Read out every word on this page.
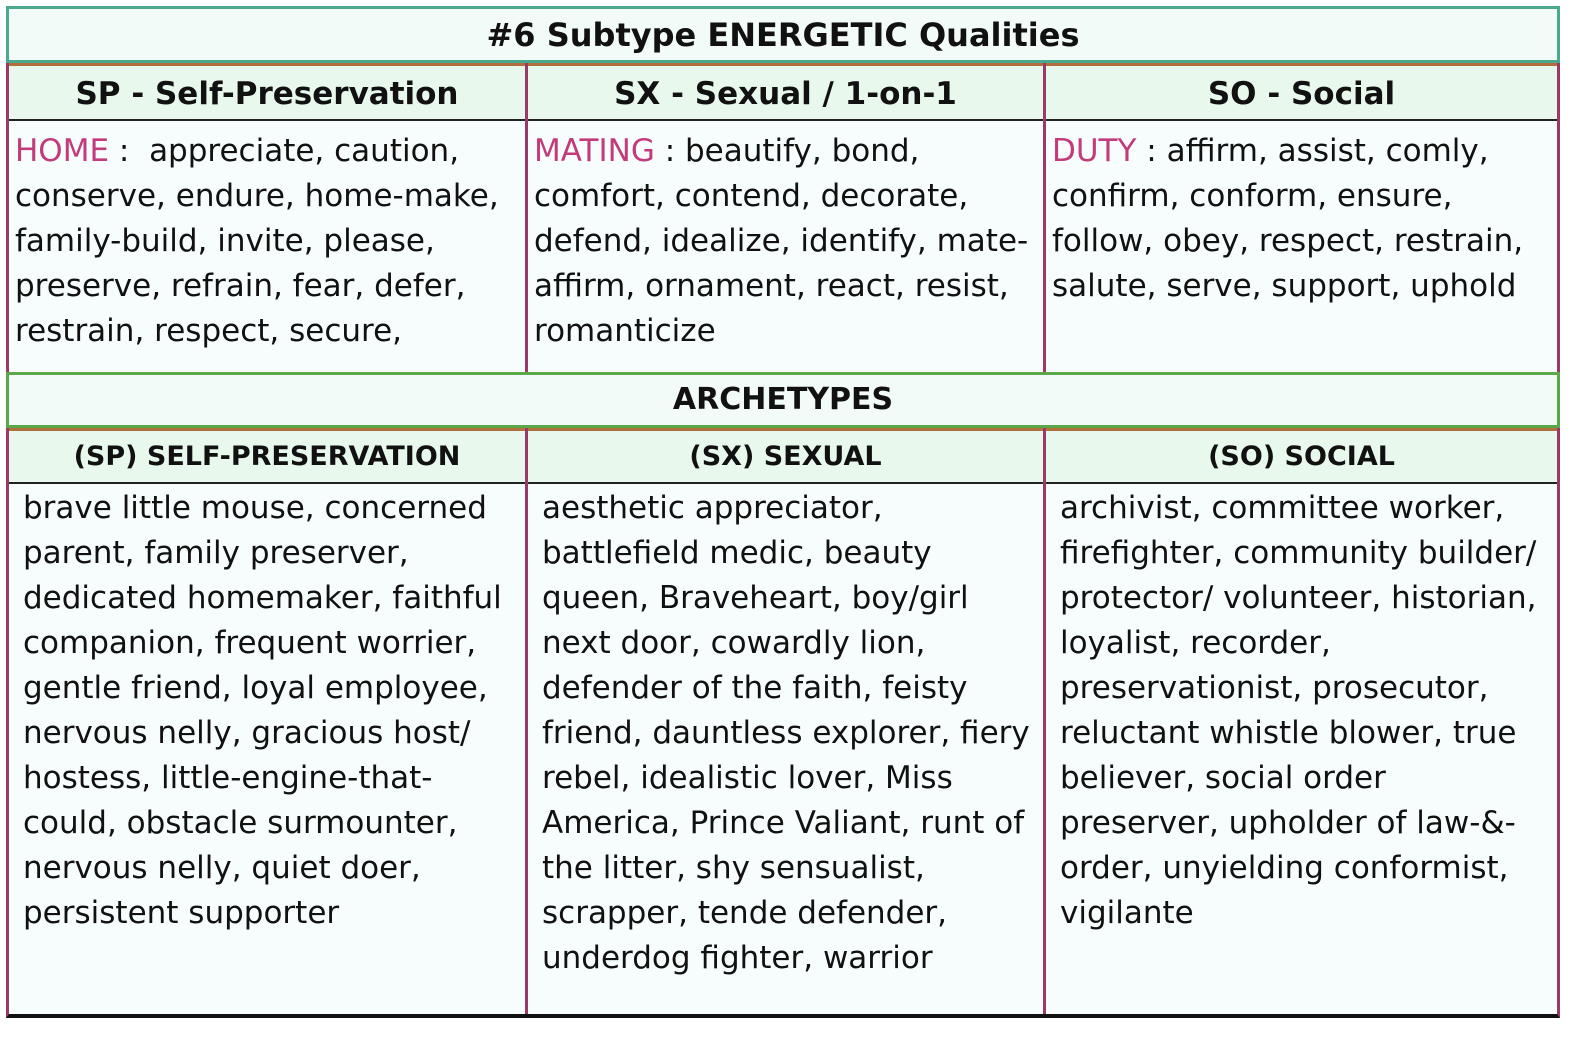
#6 Subtype ENERGETIC Qualities
SP - Self-Preservation
HOME :  appreciate, caution, conserve, endure, home-make, family-build, invite, please, preserve, refrain, fear, defer, restrain, respect, secure,
SX - Sexual / 1-on-1
MATING : beautify, bond, comfort, contend, decorate, defend, idealize, identify, mate-affirm, ornament, react, resist, romanticize
SO - Social
DUTY : affirm, assist, comly, confirm, conform, ensure, follow, obey, respect, restrain, salute, serve, support, uphold
ARCHETYPES
(SP) SELF-PRESERVATION
brave little mouse, concerned parent, family preserver, dedicated homemaker, faithful companion, frequent worrier, gentle friend, loyal employee, nervous nelly, gracious host/ hostess, little-engine-that-could, obstacle surmounter, nervous nelly, quiet doer, persistent supporter
(SX) SEXUAL
aesthetic appreciator, battlefield medic, beauty queen, Braveheart, boy/girl next door, cowardly lion, defender of the faith, feisty friend, dauntless explorer, fiery rebel, idealistic lover, Miss America, Prince Valiant, runt of the litter, shy sensualist, scrapper, tende defender, underdog fighter, warrior
(SO) SOCIAL
archivist, committee worker, firefighter, community builder/ protector/ volunteer, historian, loyalist, recorder, preservationist, prosecutor, reluctant whistle blower, true believer, social order preserver, upholder of law-&-order, unyielding conformist, vigilante
